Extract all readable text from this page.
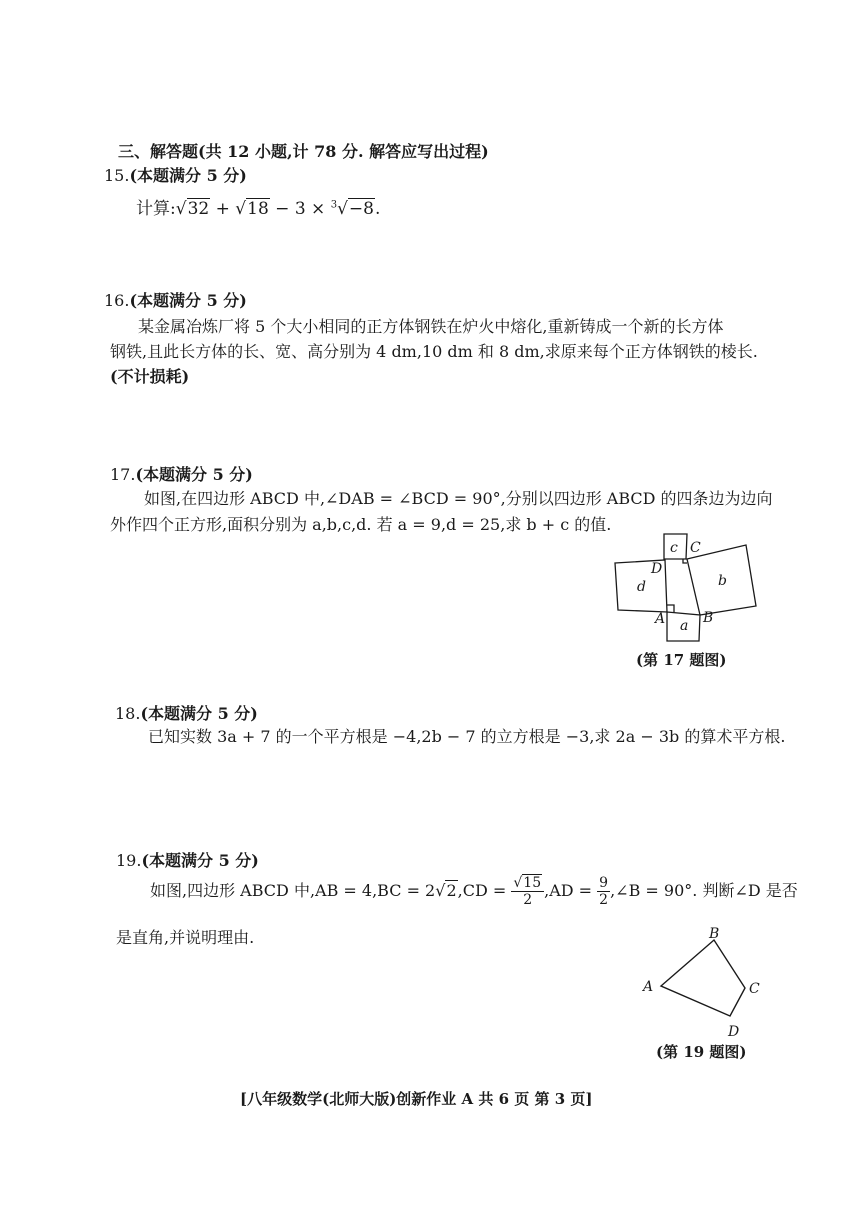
三、解答题(共 12 小题,计 78 分. 解答应写出过程)
15.(本题满分 5 分)
计算:√32 + √18 − 3 × $^3$√−8.
16.(本题满分 5 分)
某金属冶炼厂将 5 个大小相同的正方体钢铁在炉火中熔化,重新铸成一个新的长方体
钢铁,且此长方体的长、宽、高分别为 4 dm,10 dm 和 8 dm,求原来每个正方体钢铁的棱长.
(不计损耗)
17.(本题满分 5 分)
如图,在四边形 ABCD 中,∠DAB = ∠BCD = 90°,分别以四边形 ABCD 的四条边为边向
外作四个正方形,面积分别为 a,b,c,d. 若 a = 9,d = 25,求 b + c 的值.
c C
D
b
d
A	B
a
(第 17 题图)
18.(本题满分 5 分)
已知实数 3a + 7 的一个平方根是 −4,2b − 7 的立方根是 −3,求 2a − 3b 的算术平方根.
19.(本题满分 5 分)
如图,四边形 ABCD 中$,AB = 4,BC = 2√2,CD = \frac{√15}{2} ,AD = \frac{9}{2}$ ,∠B = 90°. 判断∠D 是否
是直角,并说明理由.	B
A	C
D
(第 19 题图)
[八年级数学(北师大版)创新作业 A 共 6 页 第 3 页]
